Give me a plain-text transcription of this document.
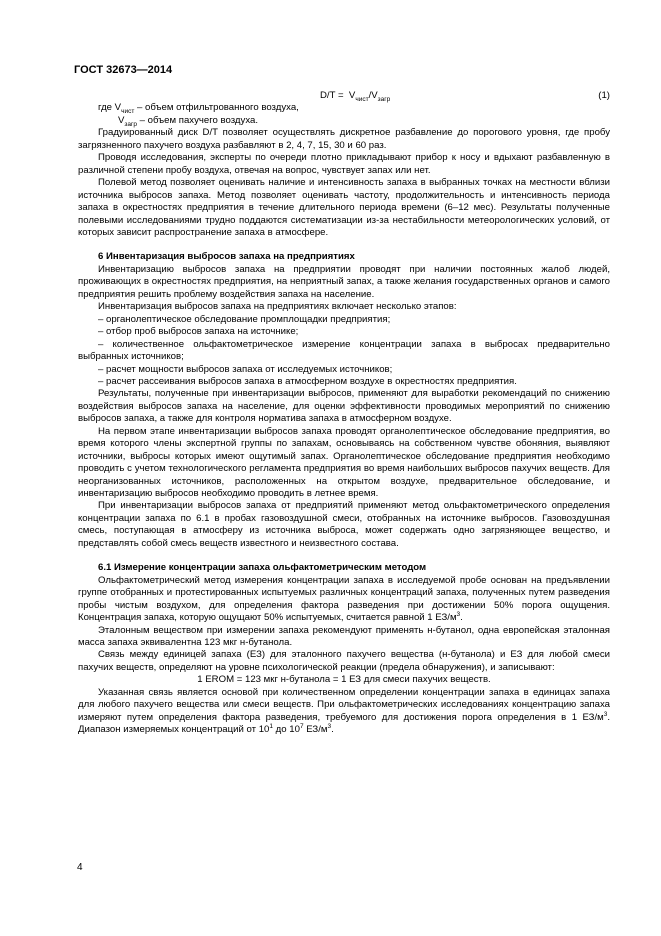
ГОСТ 32673—2014
$D/T = V_{чист}/V_{загр}$	(1)
где $V_{чист}$ – объем отфильтрованного воздуха,
$V_{загр}$ – объем пахучего воздуха.

Градуированный диск D/T позволяет осуществлять дискретное разбавление до порогового уровня, где пробу загрязненного пахучего воздуха разбавляют в 2, 4, 7, 15, 30 и 60 раз.

Проводя исследования, эксперты по очереди плотно прикладывают прибор к носу и вдыхают разбавленную в различной степени пробу воздуха, отвечая на вопрос, чувствует запах или нет.

Полевой метод позволяет оценивать наличие и интенсивность запаха в выбранных точках на местности вблизи источника выбросов запаха. Метод позволяет оценивать частоту, продолжительность и интенсивность периода запаха в окрестностях предприятия в течение длительного периода времени (6–12 мес). Результаты полученные полевыми исследованиями трудно поддаются систематизации из-за нестабильности метеорологических условий, от которых зависит распространение запаха в атмосфере.

6 Инвентаризация выбросов запаха на предприятиях

Инвентаризацию выбросов запаха на предприятии проводят при наличии постоянных жалоб людей, проживающих в окрестностях предприятия, на неприятный запах, а также желания государственных органов и самого предприятия решить проблему воздействия запаха на население.

Инвентаризация выбросов запаха на предприятиях включает несколько этапов:

– органолептическое обследование промплощадки предприятия;

– отбор проб выбросов запаха на источнике;

– количественное ольфактометрическое измерение концентрации запаха в выбросах предварительно выбранных источников;

– расчет мощности выбросов запаха от исследуемых источников;

– расчет рассеивания выбросов запаха в атмосферном воздухе в окрестностях предприятия.

Результаты, полученные при инвентаризации выбросов, применяют для выработки рекомендаций по снижению воздействия выбросов запаха на население, для оценки эффективности проводимых мероприятий по снижению выбросов запаха, а также для контроля норматива запаха в атмосферном воздухе.

На первом этапе инвентаризации выбросов запаха проводят органолептическое обследование предприятия, во время которого члены экспертной группы по запахам, основываясь на собственном чувстве обоняния, выявляют источники, выбросы которых имеют ощутимый запах. Органолептическое обследование предприятия необходимо проводить с учетом технологического регламента предприятия во время наибольших выбросов пахучих веществ. Для неорганизованных источников, расположенных на открытом воздухе, предварительное обследование, и инвентаризацию выбросов необходимо проводить в летнее время.

При инвентаризации выбросов запаха от предприятий применяют метод ольфактометрического определения концентрации запаха по 6.1 в пробах газовоздушной смеси, отобранных на источнике выбросов. Газовоздушная смесь, поступающая в атмосферу из источника выброса, может содержать одно загрязняющее вещество, и представлять собой смесь веществ известного и неизвестного состава.

6.1 Измерение концентрации запаха ольфактометрическим методом

Ольфактометрический метод измерения концентрации запаха в исследуемой пробе основан на предъявлении группе отобранных и протестированных испытуемых различных концентраций запаха, полученных путем разведения пробы чистым воздухом, для определения фактора разведения при достижении 50% порога ощущения. Концентрация запаха, которую ощущают 50% испытуемых, считается равной 1 $ЕЗ/м^3$.

Эталонным веществом при измерении запаха рекомендуют применять н-бутанол, одна европейская эталонная масса запаха эквивалентна 123 мкг н-бутанола.

Связь между единицей запаха (ЕЗ) для эталонного пахучего вещества (н-бутанола) и ЕЗ для любой смеси пахучих веществ, определяют на уровне психологической реакции (предела обнаружения), и записывают:

1 EROM = 123 мкг н-бутанола = 1 ЕЗ для смеси пахучих веществ.

Указанная связь является основой при количественном определении концентрации запаха в единицах запаха для любого пахучего вещества или смеси веществ. При ольфактометрических исследованиях концентрацию запаха измеряют путем определения фактора разведения, требуемого для достижения порога определения в 1 $ЕЗ/м^3$. Диапазон измеряемых концентраций от $10^1$ до $10^7$ $ЕЗ/м^3$.

4
